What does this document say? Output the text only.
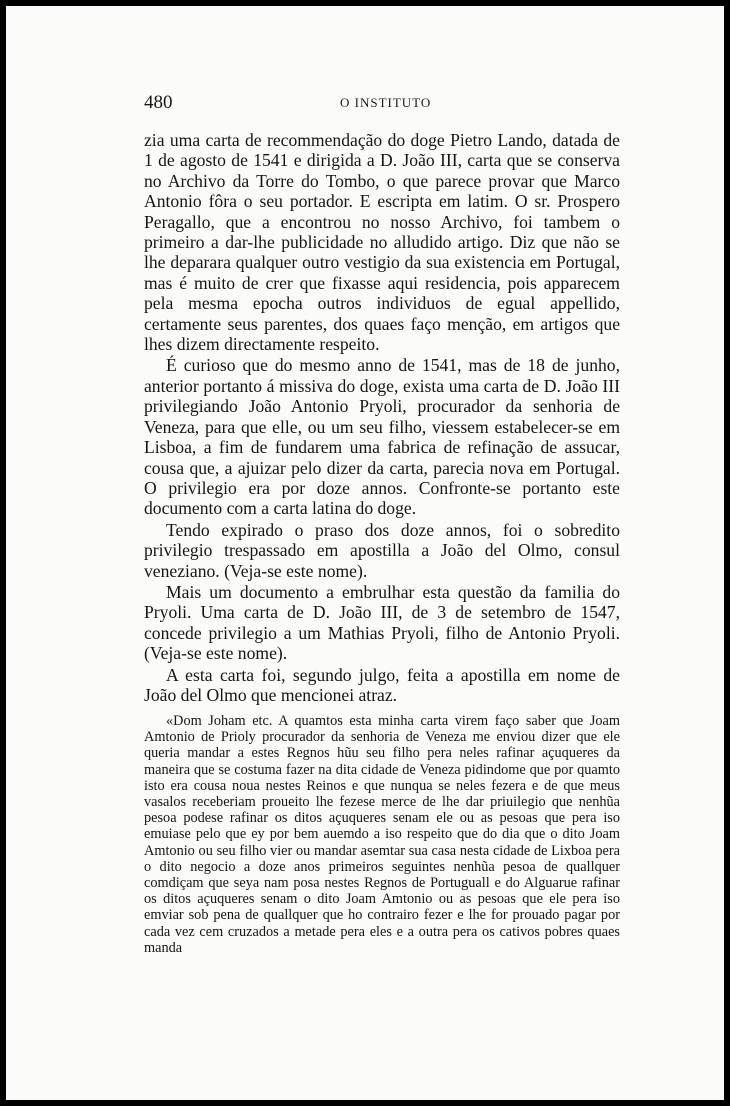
480	O INSTITUTO

zia uma carta de recommendação do doge Pietro Lando, datada de 1 de agosto de 1541 e dirigida a D. João III, carta que se conserva no Archivo da Torre do Tombo, o que parece provar que Marco Antonio fôra o seu portador. E escripta em latim. O sr. Prospero Peragallo, que a encontrou no nosso Archivo, foi tambem o primeiro a dar-lhe publicidade no alludido artigo. Diz que não se lhe deparara qualquer outro vestigio da sua existencia em Portugal, mas é muito de crer que fixasse aqui residencia, pois apparecem pela mesma epocha outros individuos de egual appellido, certamente seus parentes, dos quaes faço menção, em artigos que lhes dizem directamente respeito.

É curioso que do mesmo anno de 1541, mas de 18 de junho, anterior portanto á missiva do doge, exista uma carta de D. João III privilegiando João Antonio Pryoli, procurador da senhoria de Veneza, para que elle, ou um seu filho, viessem estabelecer-se em Lisboa, a fim de fundarem uma fabrica de refinação de assucar, cousa que, a ajuizar pelo dizer da carta, parecia nova em Portugal. O privilegio era por doze annos. Confronte-se portanto este documento com a carta latina do doge.

Tendo expirado o praso dos doze annos, foi o sobredito privilegio trespassado em apostilla a João del Olmo, consul veneziano. (Veja-se este nome).

Mais um documento a embrulhar esta questão da familia do Pryoli. Uma carta de D. João III, de 3 de setembro de 1547, concede privilegio a um Mathias Pryoli, filho de Antonio Pryoli. (Veja-se este nome).

A esta carta foi, segundo julgo, feita a apostilla em nome de João del Olmo que mencionei atraz.

«Dom Joham etc. A quamtos esta minha carta virem faço saber que Joam Amtonio de Prioly procurador da senhoria de Veneza me enviou dizer que ele queria mandar a estes Regnos hũu seu filho pera neles rafinar açuqueres da maneira que se costuma fazer na dita cidade de Veneza pidindome que por quamto isto era cousa noua nestes Reinos e que nunqua se neles fezera e de que meus vasalos receberiam proueito lhe fezese merce de lhe dar priuilegio que nenhũa pesoa podese rafinar os ditos açuqueres senam ele ou as pesoas que pera iso emuiase pelo que ey por bem auemdo a iso respeito que do dia que o dito Joam Amtonio ou seu filho vier ou mandar asemtar sua casa nesta cidade de Lixboa pera o dito negocio a doze anos primeiros seguintes nenhũa pesoa de quallquer comdiçam que seya nam posa nestes Regnos de Portuguall e do Alguarue rafinar os ditos açuqueres senam o dito Joam Amtonio ou as pesoas que ele pera iso emviar sob pena de quallquer que ho contrairo fezer e lhe for prouado pagar por cada vez cem cruzados a metade pera eles e a outra pera os cativos pobres quaes manda
